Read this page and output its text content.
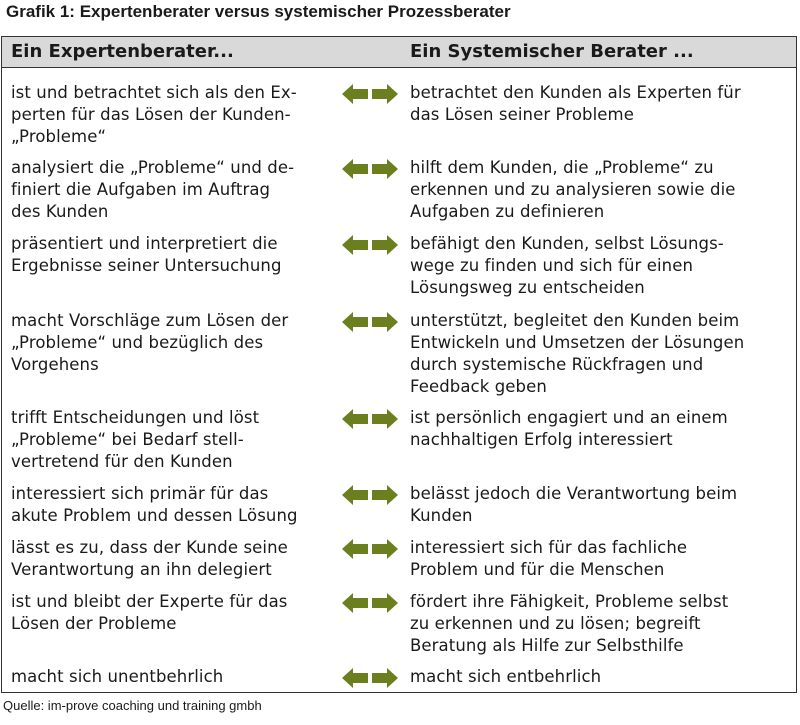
Grafik 1: Expertenberater versus systemischer Prozessberater
Ein Expertenberater...	Ein Systemischer Berater ...
ist und betrachtet sich als den Ex-
perten für das Lösen der Kunden-
„Probleme“
betrachtet den Kunden als Experten für
das Lösen seiner Probleme
analysiert die „Probleme“ und de-
finiert die Aufgaben im Auftrag
des Kunden
hilft dem Kunden, die „Probleme“ zu
erkennen und zu analysieren sowie die
Aufgaben zu definieren
präsentiert und interpretiert die
Ergebnisse seiner Untersuchung
befähigt den Kunden, selbst Lösungs-
wege zu finden und sich für einen
Lösungsweg zu entscheiden
macht Vorschläge zum Lösen der
„Probleme“ und bezüglich des
Vorgehens
unterstützt, begleitet den Kunden beim
Entwickeln und Umsetzen der Lösungen
durch systemische Rückfragen und
Feedback geben
trifft Entscheidungen und löst
„Probleme“ bei Bedarf stell-
vertretend für den Kunden
ist persönlich engagiert und an einem
nachhaltigen Erfolg interessiert
interessiert sich primär für das
akute Problem und dessen Lösung
belässt jedoch die Verantwortung beim
Kunden
lässt es zu, dass der Kunde seine
Verantwortung an ihn delegiert
interessiert sich für das fachliche
Problem und für die Menschen
ist und bleibt der Experte für das
Lösen der Probleme
fördert ihre Fähigkeit, Probleme selbst
zu erkennen und zu lösen; begreift
Beratung als Hilfe zur Selbsthilfe
macht sich unentbehrlich	macht sich entbehrlich
Quelle: im-prove coaching und training gmbh
